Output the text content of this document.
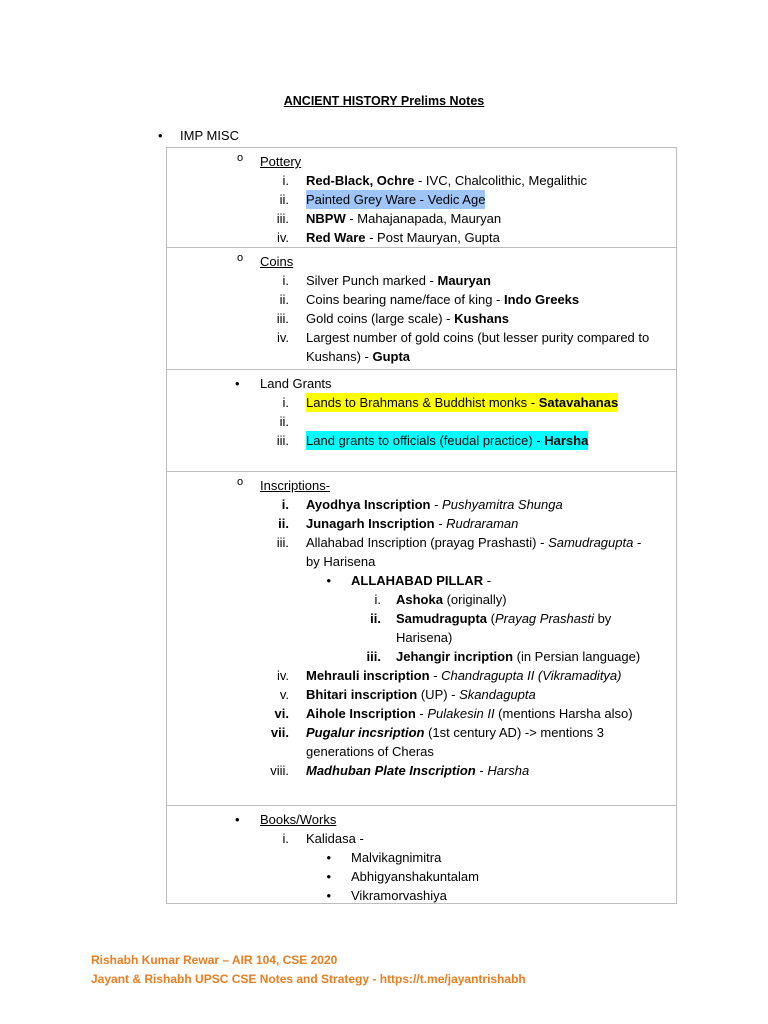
ANCIENT HISTORY Prelims Notes
• IMP MISC
o Pottery
i. Red-Black, Ochre - IVC, Chalcolithic, Megalithic
ii. Painted Grey Ware - Vedic Age
iii. NBPW - Mahajanapada, Mauryan
iv. Red Ware - Post Mauryan, Gupta
o Coins
i. Silver Punch marked - Mauryan
ii. Coins bearing name/face of king - Indo Greeks
iii. Gold coins (large scale) - Kushans
iv. Largest number of gold coins (but lesser purity compared to
Kushans) - Gupta
• Land Grants
i. Lands to Brahmans & Buddhist monks - Satavahanas
ii.
iii. Land grants to officials (feudal practice) - Harsha
o Inscriptions-
i. Ayodhya Inscription - Pushyamitra Shunga
ii. Junagarh Inscription - Rudraraman
iii. Allahabad Inscription (prayag Prashasti) - Samudragupta -
by Harisena
• ALLAHABAD PILLAR -
i. Ashoka (originally)
ii. Samudragupta (Prayag Prashasti by
Harisena)
iii. Jehangir incription (in Persian language)
iv. Mehrauli inscription - Chandragupta II (Vikramaditya)
v. Bhitari inscription (UP) - Skandagupta
vi. Aihole Inscription - Pulakesin II (mentions Harsha also)
vii. Pugalur incsription (1st century AD) -> mentions 3
generations of Cheras
viii. Madhuban Plate Inscription - Harsha
• Books/Works
i. Kalidasa -
• Malvikagnimitra
• Abhigyanshakuntalam
• Vikramorvashiya
Rishabh Kumar Rewar – AIR 104, CSE 2020
Jayant & Rishabh UPSC CSE Notes and Strategy - https://t.me/jayantrishabh
